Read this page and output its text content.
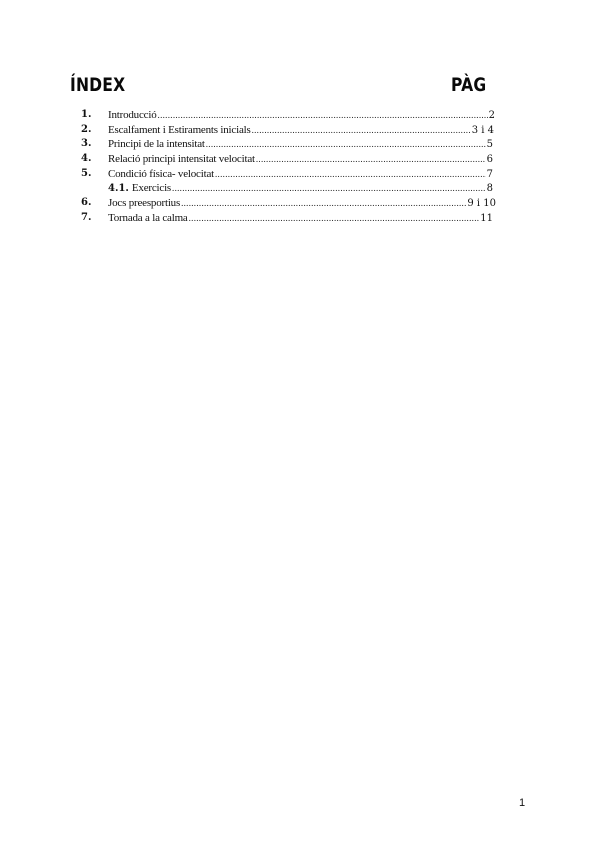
ÍNDEX	PÀG
1. Introducció .....	2
2. Escalfament i Estiraments inicials .....	3 i 4
3. Principi de la intensitat .....	5
4. Relació principi intensitat velocitat .....	6
5. Condició física- velocitat .....	7
4.1. Exercicis .....	8
6. Jocs preesportius .....	9 i 10
7. Tornada a la calma .....	11
1
